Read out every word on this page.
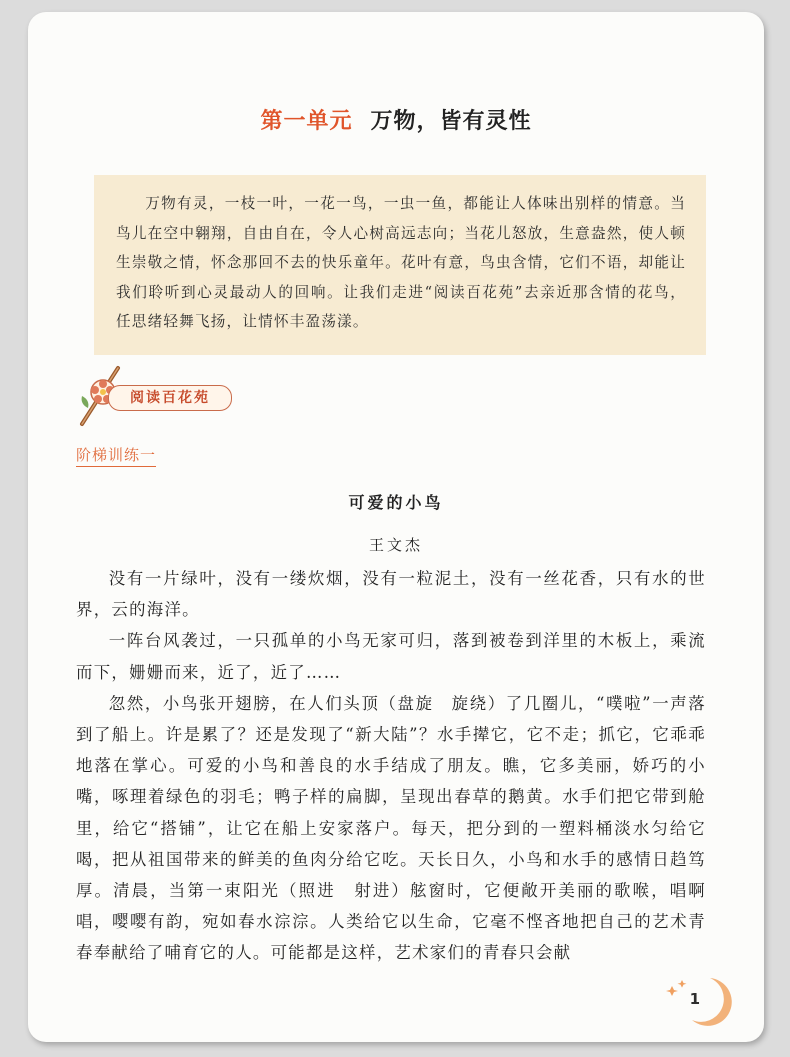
第一单元 万物，皆有灵性
万物有灵，一枝一叶，一花一鸟，一虫一鱼，都能让人体味出别样的情意。当鸟儿在空中翱翔，自由自在，令人心树高远志向；当花儿怒放，生意盎然，使人顿生崇敬之情，怀念那回不去的快乐童年。花叶有意，鸟虫含情，它们不语，却能让我们聆听到心灵最动人的回响。让我们走进“阅读百花苑”去亲近那含情的花鸟，任思绪轻舞飞扬，让情怀丰盈荡漾。
阅读百花苑
阶梯训练一
可爱的小鸟
王文杰

没有一片绿叶，没有一缕炊烟，没有一粒泥土，没有一丝花香，只有水的世界，云的海洋。

一阵台风袭过，一只孤单的小鸟无家可归，落到被卷到洋里的木板上，乘流而下，姗姗而来，近了，近了……

忽然，小鸟张开翅膀，在人们头顶（盘旋　旋绕）了几圈儿，“噗啦”一声落到了船上。许是累了？还是发现了“新大陆”？水手撵它，它不走；抓它，它乖乖地落在掌心。可爱的小鸟和善良的水手结成了朋友。瞧，它多美丽，娇巧的小嘴，啄理着绿色的羽毛；鸭子样的扁脚，呈现出春草的鹅黄。水手们把它带到舱里，给它“搭铺”，让它在船上安家落户。每天，把分到的一塑料桶淡水匀给它喝，把从祖国带来的鲜美的鱼肉分给它吃。天长日久，小鸟和水手的感情日趋笃厚。清晨，当第一束阳光（照进　射进）舷窗时，它便敞开美丽的歌喉，唱啊唱，嘤嘤有韵，宛如春水淙淙。人类给它以生命，它毫不悭吝地把自己的艺术青春奉献给了哺育它的人。可能都是这样，艺术家们的青春只会献

1
